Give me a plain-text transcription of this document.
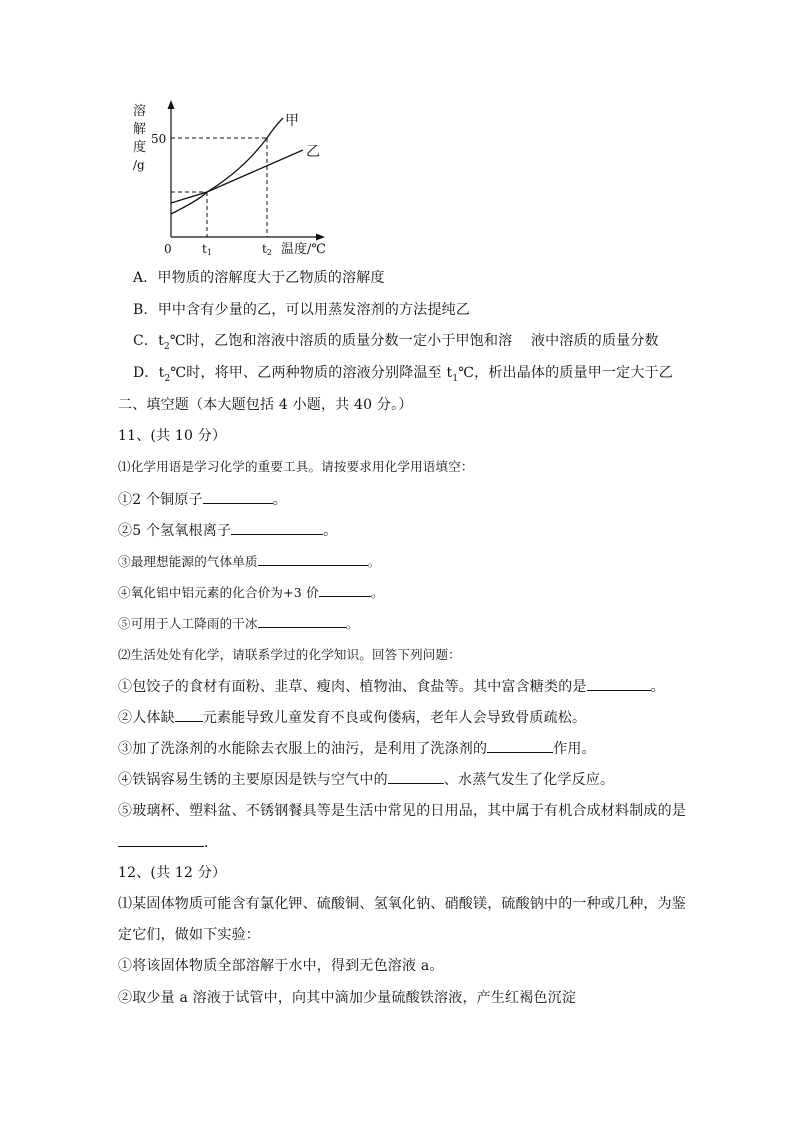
溶
解
度
/g
50
0	t1	t2 温度/℃
甲
乙
A．甲物质的溶解度大于乙物质的溶解度
B．甲中含有少量的乙，可以用蒸发溶剂的方法提纯乙
C．$t_2℃$时，乙饱和溶液中溶质的质量分数一定小于甲饱和溶    液中溶质的质量分数
D．$t_2℃$时，将甲、乙两种物质的溶液分别降温至 $t_1℃$，析出晶体的质量甲一定大于乙
二、填空题（本大题包括 4 小题，共 40 分。）
11、(共 10 分）
⑴化学用语是学习化学的重要工具。请按要求用化学用语填空：
①2 个铜原子	。
②5 个氢氧根离子	。
③最理想能源的气体单质	。
④氧化铝中铝元素的化合价为+3 价	。
⑤可用于人工降雨的干冰	。
⑵生活处处有化学，请联系学过的化学知识。回答下列问题：
①包饺子的食材有面粉、韭草、瘦肉、植物油、食盐等。其中富含糖类的是	。
②人体缺 元素能导致儿童发育不良或佝偻病，老年人会导致骨质疏松。
③加了洗涤剂的水能除去衣服上的油污，是利用了洗涤剂的	作用。
④铁锅容易生锈的主要原因是铁与空气中的	、水蒸气发生了化学反应。
⑤玻璃杯、塑料盆、不锈钢餐具等是生活中常见的日用品，其中属于有机合成材料制成的是
.
12、(共 12 分）
⑴某固体物质可能含有氯化钾、硫酸铜、氢氧化钠、硝酸镁，硫酸钠中的一种或几种，为鉴
定它们，做如下实验：
①将该固体物质全部溶解于水中，得到无色溶液 a。
②取少量 a 溶液于试管中，向其中滴加少量硫酸铁溶液，产生红褐色沉淀
